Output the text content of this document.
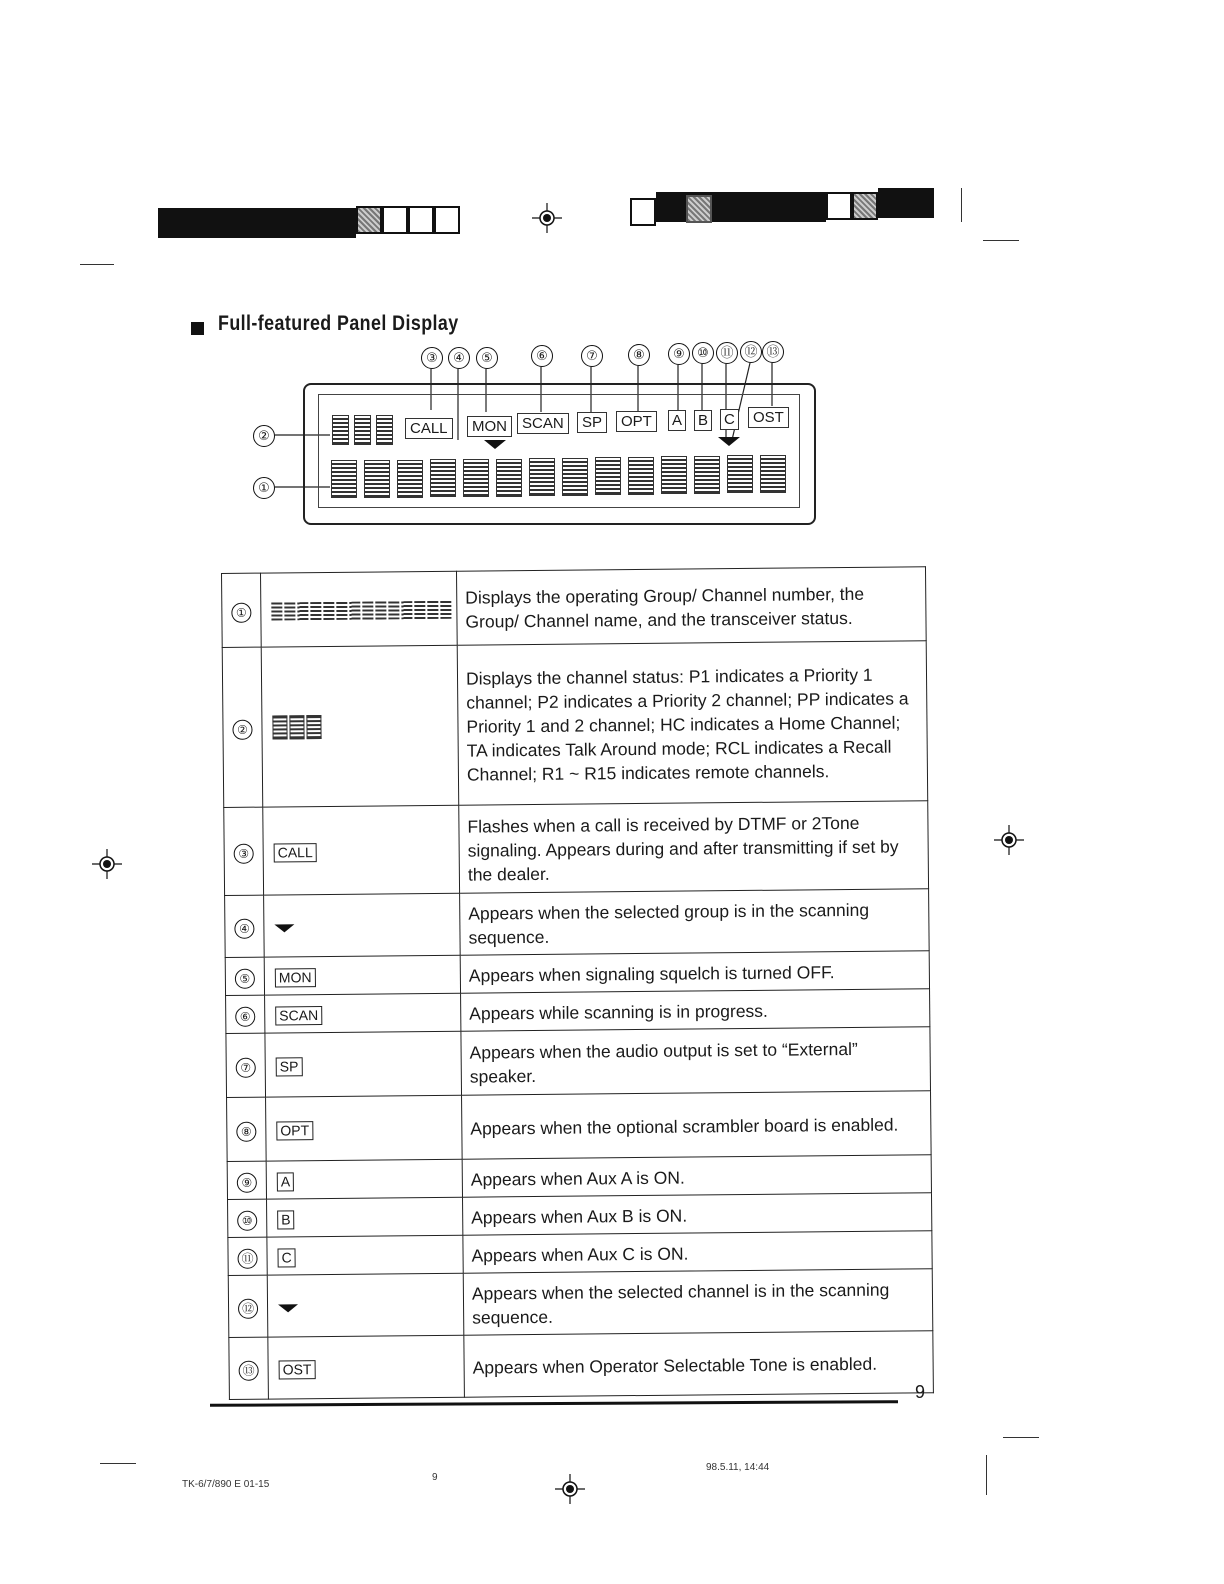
Full-featured Panel Display
③	④	⑤	⑥	⑦	⑧	⑨ ⑩ ⑪ ⑫ ⑬
②
①
CALL	MON	SCAN	SP	OPT	A B C	OST
①		Displays the operating Group/ Channel number, the Group/ Channel name, and the transceiver status.
②		Displays the channel status: P1 indicates a Priority 1 channel; P2 indicates a Priority 2 channel; PP indicates a Priority 1 and 2 channel; HC indicates a Home Channel; TA indicates Talk Around mode; RCL indicates a Recall Channel; R1 ~ R15 indicates remote channels.
③	CALL	Flashes when a call is received by DTMF or 2Tone signaling. Appears during and after transmitting if set by the dealer.
④		Appears when the selected group is in the scanning sequence.
⑤	MON	Appears when signaling squelch is turned OFF.
⑥	SCAN	Appears while scanning is in progress.
⑦	SP	Appears when the audio output is set to “External” speaker.
⑧	OPT	Appears when the optional scrambler board is enabled.
⑨	A	Appears when Aux A is ON.
⑩	B	Appears when Aux B is ON.
⑪	C	Appears when Aux C is ON.
⑫		Appears when the selected channel is in the scanning sequence.
⑬	OST	Appears when Operator Selectable Tone is enabled.
9
TK-6/7/890 E 01-15
9
98.5.11, 14:44
